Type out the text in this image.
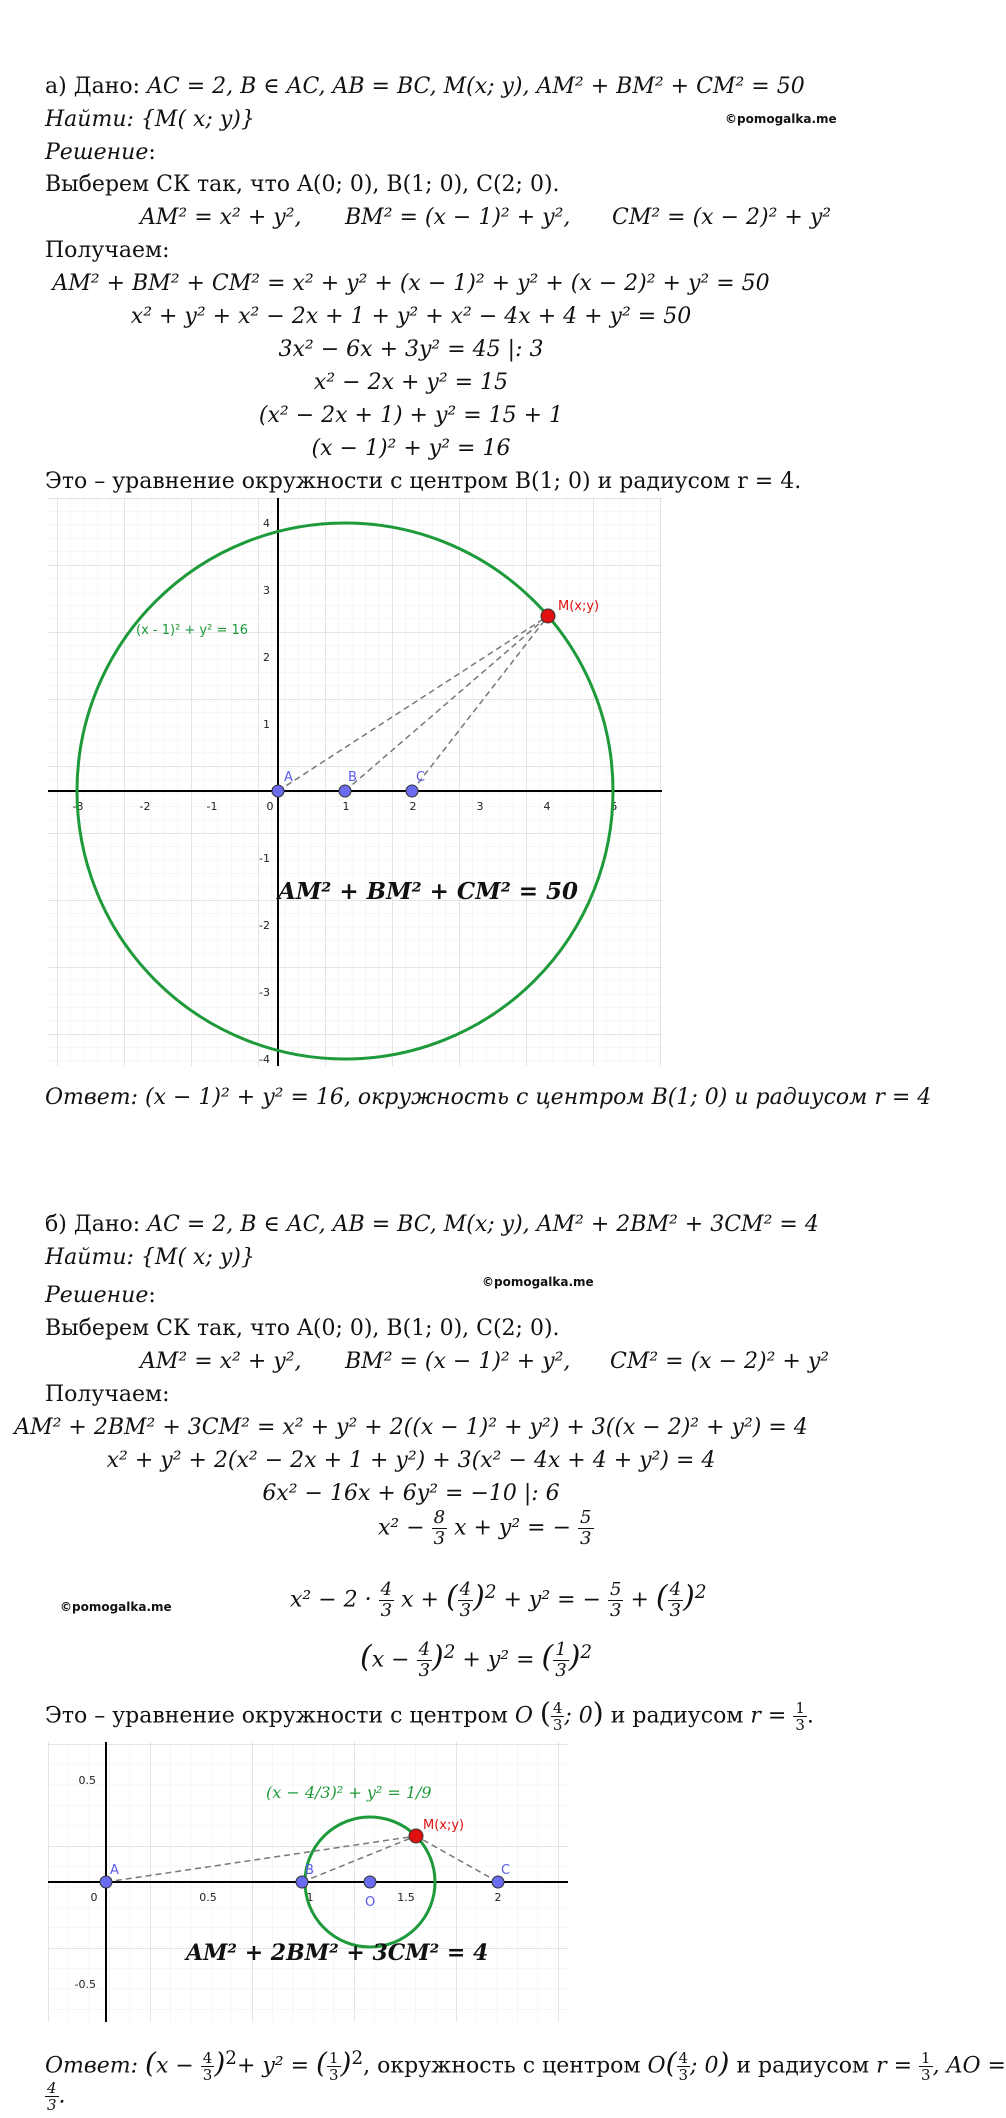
©pomogalka.me
©pomogalka.me
©pomogalka.me
а) Дано: AC = 2, B ∈ AC, AB = BC, M(x; y), AM² + BM² + CM² = 50
Найти: {M( x; y)}
Решение:
Выберем СК так, что A(0; 0), B(1; 0), C(2; 0).
AM² = x² + y², BM² = (x − 1)² + y², CM² = (x − 2)² + y²
Получаем:
AM² + BM² + CM² = x² + y² + (x − 1)² + y² + (x − 2)² + y² = 50
x² + y² + x² − 2x + 1 + y² + x² − 4x + 4 + y² = 50
3x² − 6x + 3y² = 45 |: 3
x² − 2x + y² = 15
(x² − 2x + 1) + y² = 15 + 1
(x − 1)² + y² = 16
Это – уравнение окружности с центром B(1; 0) и радиусом r = 4.
-3	-2	-1	0	1	2	3	4	5
4
3
2
1
-1
-2
-3
-4
A	B	C
M(x;y)
(x - 1)² + y² = 16
AM² + BM² + CM² = 50
Ответ: (x − 1)² + y² = 16, окружность с центром B(1; 0) и радиусом r = 4
б) Дано: AC = 2, B ∈ AC, AB = BC, M(x; y), AM² + 2BM² + 3CM² = 4
Найти: {M( x; y)}
Решение:
Выберем СК так, что A(0; 0), B(1; 0), C(2; 0).
AM² = x² + y², BM² = (x − 1)² + y², CM² = (x − 2)² + y²
Получаем:
AM² + 2BM² + 3CM² = x² + y² + 2((x − 1)² + y²) + 3((x − 2)² + y²) = 4
x² + y² + 2(x² − 2x + 1 + y²) + 3(x² − 4x + 4 + y²) = 4
6x² − 16x + 6y² = −10 |: 6
$x^2 - \frac{8}{3}$ x + y² = − $\frac{5}{3}$
$x^2 - 2 \cdot \frac{4}{3}$ x + ( $\frac{4}{3} )^2 + y^2$ = − $\frac{5}{3}$ + ( $\frac{4}{3} )^2$
$(x - \frac{4}{3} )^2 + y^2$ = ( $\frac{1}{3} )^2$
Это – уравнение окружности с центром O ( $\frac{4}{3}$ ; 0) и радиусом $r = \frac{1}{3}$ .
0	0.5	1	1.5	2
0.5
-0.5
A	B
O
C
M(x;y)
(x − 4/3)² + y² = 1/9
AM² + 2BM² + 3CM² = 4
Ответ: $(x - \frac{4}{3} )^2+ y^2$ = ( $\frac{1}{3} )^2$, окружность с центром $O( \frac{4}{3}$ ; 0) и радиусом $r = \frac{1}{3}$ , AO =
$\frac{4}{3}$ .
